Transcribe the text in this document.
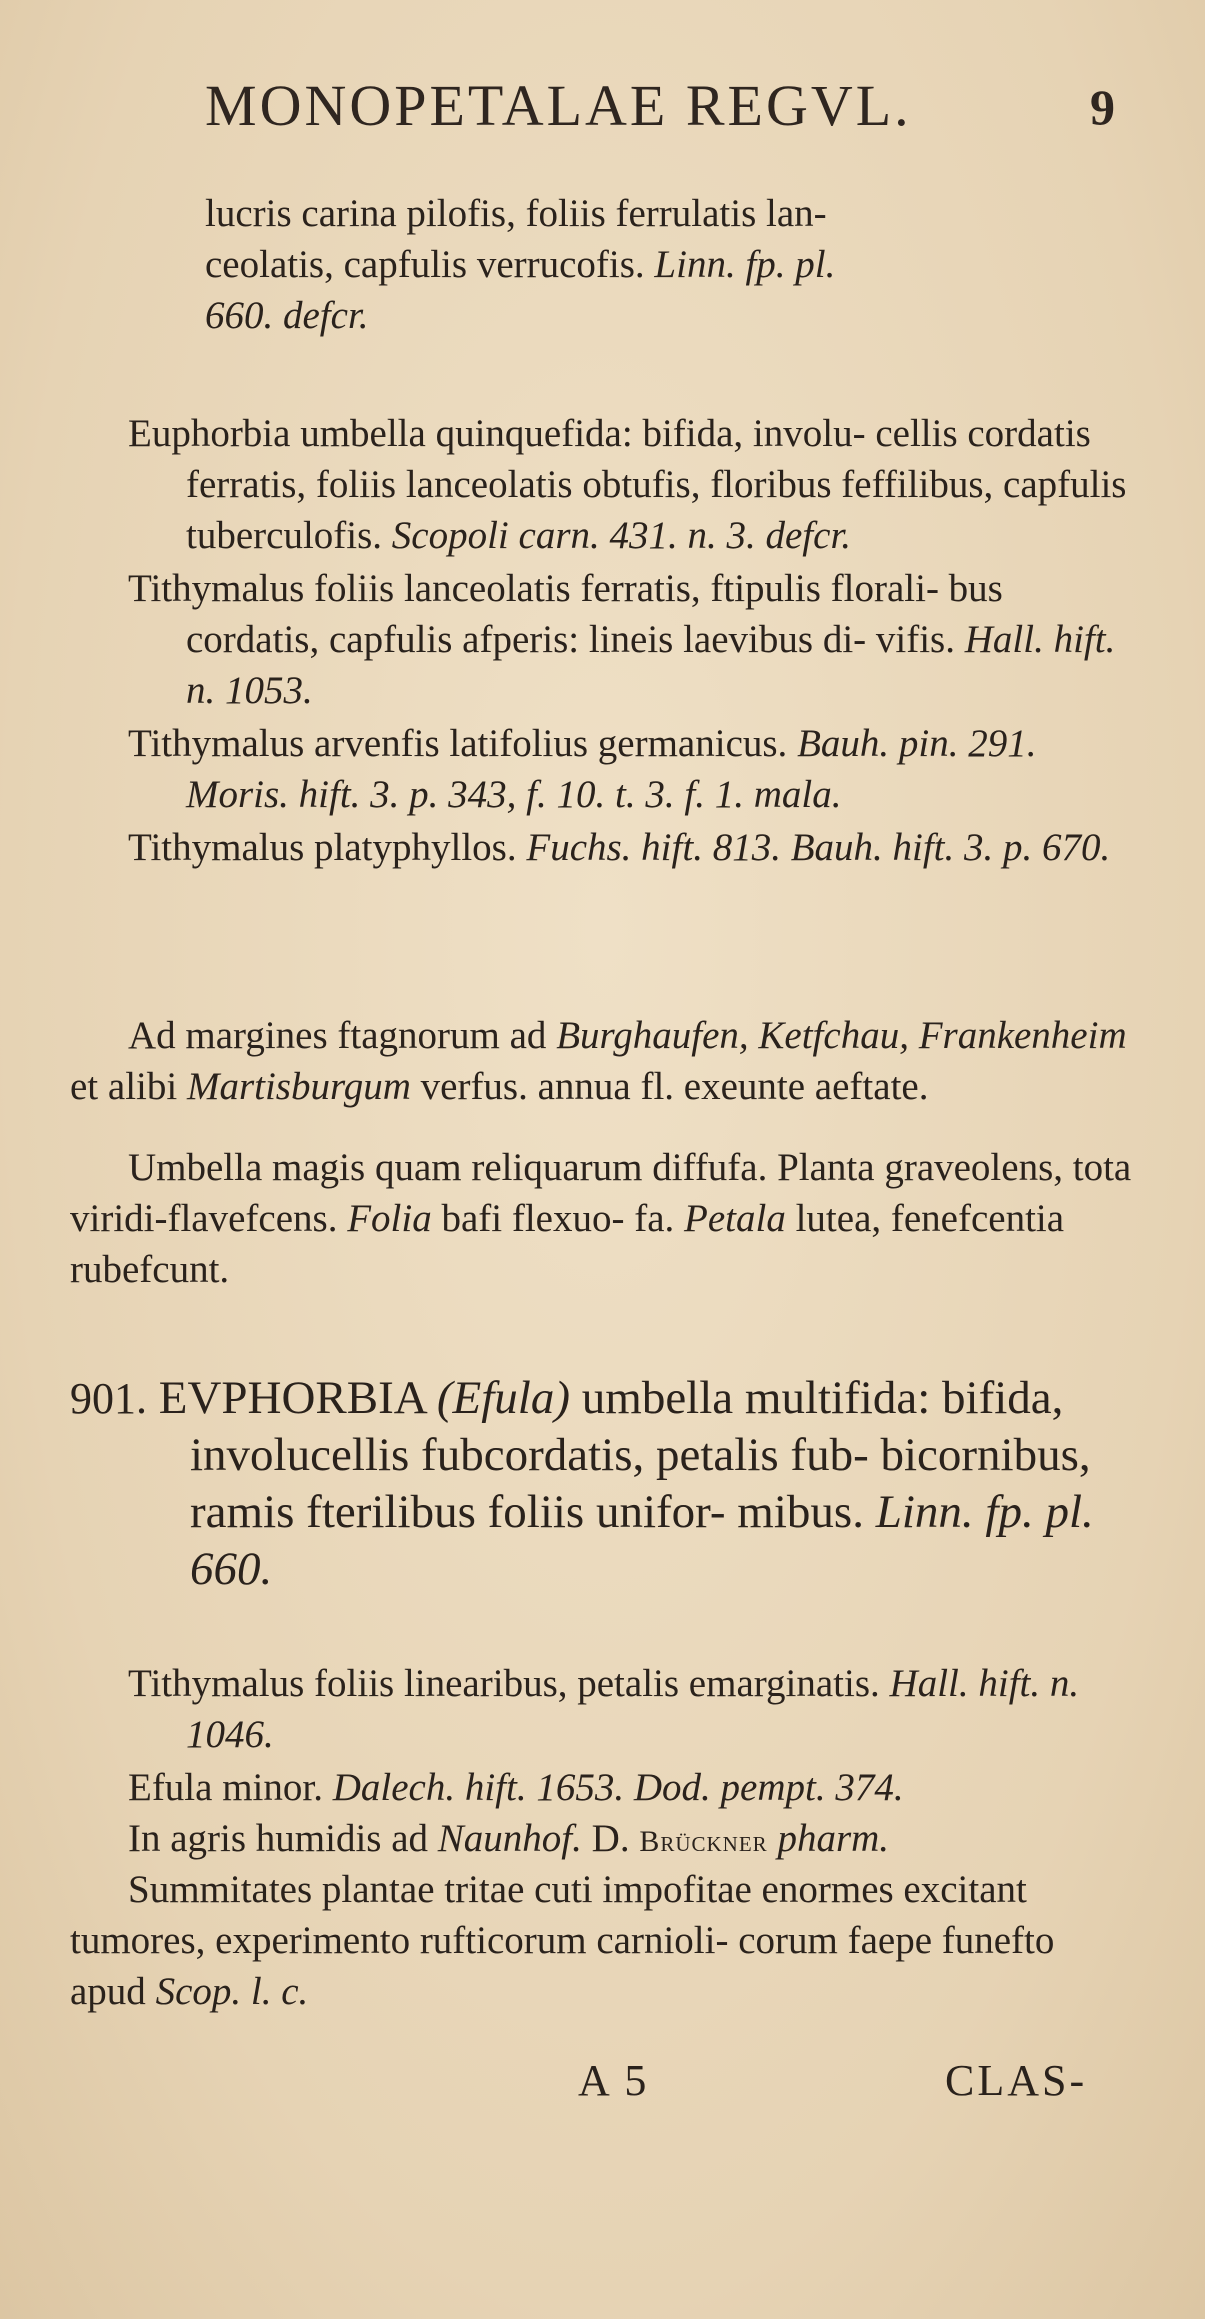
MONOPETALAE REGVL.	9

lucris carina pilofis, foliis ferrulatis lan-

ceolatis, capfulis verrucofis. Linn. fp. pl.

660. defcr.

Euphorbia umbella quinquefida: bifida, involu- cellis cordatis ferratis, foliis lanceolatis obtufis, floribus feffilibus, capfulis tuberculofis. Scopoli carn. 431. n. 3. defcr.

Tithymalus foliis lanceolatis ferratis, ftipulis florali- bus cordatis, capfulis afperis: lineis laevibus di- vifis. Hall. hift. n. 1053.

Tithymalus arvenfis latifolius germanicus. Bauh. pin. 291. Moris. hift. 3. p. 343, f. 10. t. 3. f. 1. mala.

Tithymalus platyphyllos. Fuchs. hift. 813. Bauh. hift. 3. p. 670.

Ad margines ftagnorum ad Burghaufen, Ketfchau, Frankenheim et alibi Martisburgum verfus. annua fl. exeunte aeftate.

Umbella magis quam reliquarum diffufa. Planta graveolens, tota viridi-flavefcens. Folia bafi flexuo- fa. Petala lutea, fenefcentia rubefcunt.

901. EVPHORBIA (Efula) umbella multifida: bifida, involucellis fubcordatis, petalis fub- bicornibus, ramis fterilibus foliis unifor- mibus. Linn. fp. pl. 660.

Tithymalus foliis linearibus, petalis emarginatis. Hall. hift. n. 1046.

Efula minor. Dalech. hift. 1653. Dod. pempt. 374.

In agris humidis ad Naunhof. D. Brückner pharm.

Summitates plantae tritae cuti impofitae enormes excitant tumores, experimento rufticorum carnioli- corum faepe funefto apud Scop. l. c.

A 5	CLAS-
